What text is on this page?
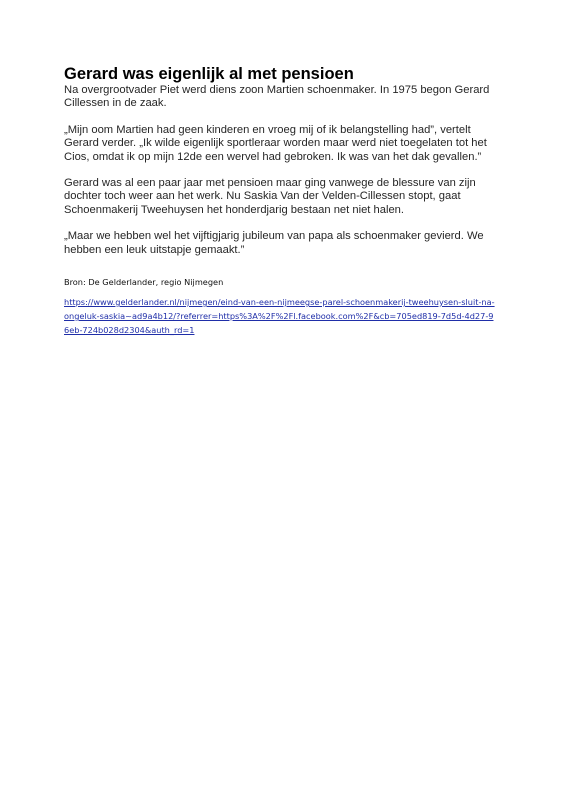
Gerard was eigenlijk al met pensioen

Na overgrootvader Piet werd diens zoon Martien schoenmaker. In 1975 begon Gerard Cillessen in de zaak.

„Mijn oom Martien had geen kinderen en vroeg mij of ik belangstelling had”, vertelt Gerard verder. „Ik wilde eigenlijk sportleraar worden maar werd niet toegelaten tot het Cios, omdat ik op mijn 12de een wervel had gebroken. Ik was van het dak gevallen.”

Gerard was al een paar jaar met pensioen maar ging vanwege de blessure van zijn dochter toch weer aan het werk. Nu Saskia Van der Velden-Cillessen stopt, gaat Schoenmakerij Tweehuysen het honderdjarig bestaan net niet halen.

„Maar we hebben wel het vijftigjarig jubileum van papa als schoenmaker gevierd. We hebben een leuk uitstapje gemaakt.”

Bron: De Gelderlander, regio Nijmegen

https://www.gelderlander.nl/nijmegen/eind-van-een-nijmeegse-parel-schoenmakerij-tweehuysen-sluit-na-ongeluk-saskia~ad9a4b12/?referrer=https%3A%2F%2Fl.facebook.com%2F&cb=705ed819-7d5d-4d27-96eb-724b028d2304&auth_rd=1
